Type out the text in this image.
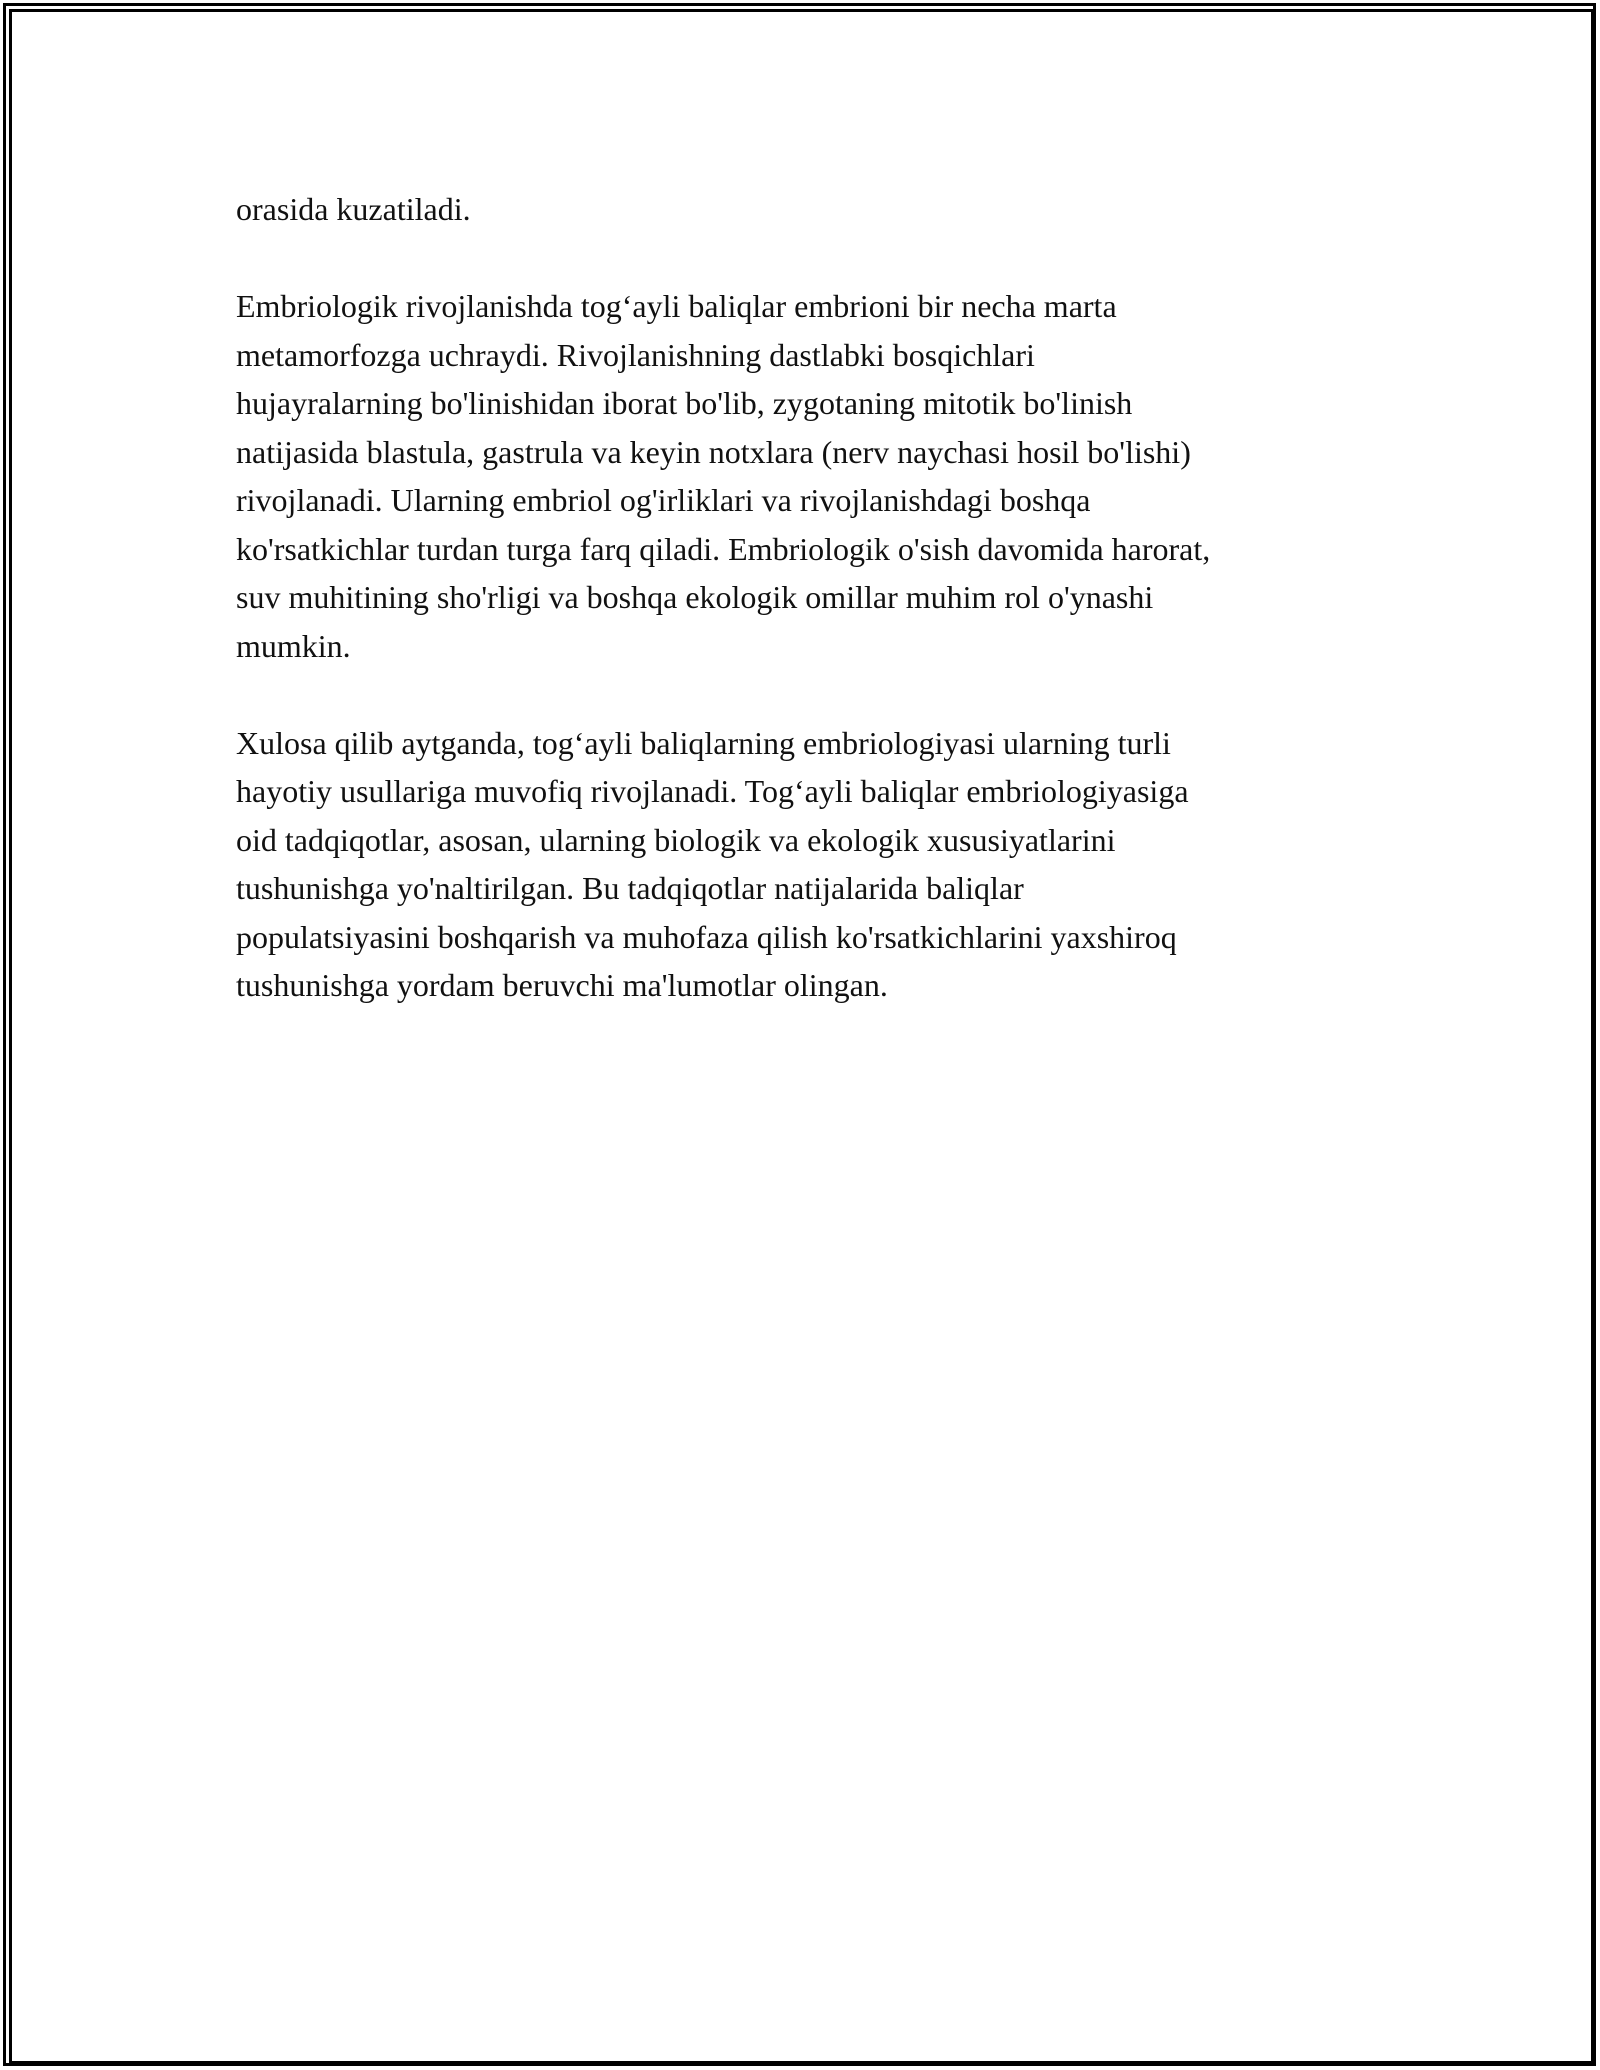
orasida kuzatiladi.

Embriologik rivojlanishda tog‘ayli baliqlar embrioni bir necha marta
metamorfozga uchraydi. Rivojlanishning dastlabki bosqichlari
hujayralarning bo'linishidan iborat bo'lib, zygotaning mitotik bo'linish
natijasida blastula, gastrula va keyin notxlara (nerv naychasi hosil bo'lishi)
rivojlanadi. Ularning embriol og'irliklari va rivojlanishdagi boshqa
ko'rsatkichlar turdan turga farq qiladi. Embriologik o'sish davomida harorat,
suv muhitining sho'rligi va boshqa ekologik omillar muhim rol o'ynashi
mumkin.

Xulosa qilib aytganda, tog‘ayli baliqlarning embriologiyasi ularning turli
hayotiy usullariga muvofiq rivojlanadi. Tog‘ayli baliqlar embriologiyasiga
oid tadqiqotlar, asosan, ularning biologik va ekologik xususiyatlarini
tushunishga yo'naltirilgan. Bu tadqiqotlar natijalarida baliqlar
populatsiyasini boshqarish va muhofaza qilish ko'rsatkichlarini yaxshiroq
tushunishga yordam beruvchi ma'lumotlar olingan.
